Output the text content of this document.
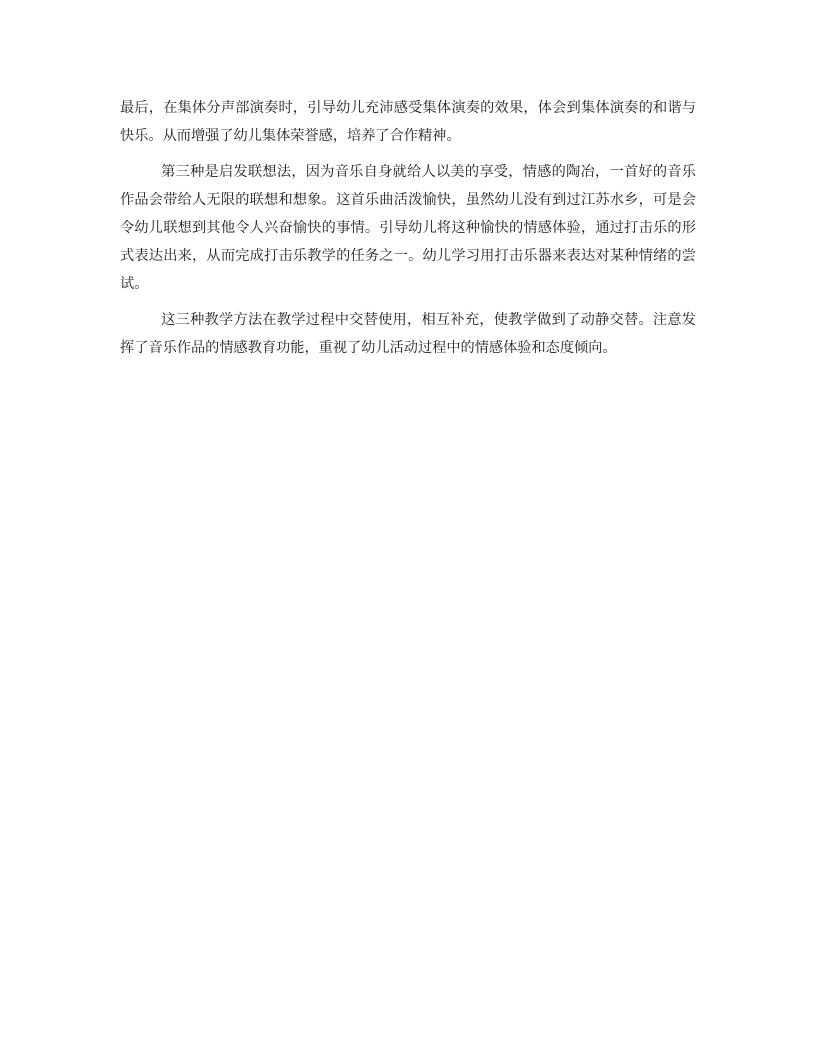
最后，在集体分声部演奏时，引导幼儿充沛感受集体演奏的效果，体会到集体演奏的和谐与快乐。从而增强了幼儿集体荣誉感，培养了合作精神。

第三种是启发联想法，因为音乐自身就给人以美的享受，情感的陶冶，一首好的音乐作品会带给人无限的联想和想象。这首乐曲活泼愉快，虽然幼儿没有到过江苏水乡，可是会令幼儿联想到其他令人兴奋愉快的事情。引导幼儿将这种愉快的情感体验，通过打击乐的形式表达出来，从而完成打击乐教学的任务之一。幼儿学习用打击乐器来表达对某种情绪的尝试。

这三种教学方法在教学过程中交替使用，相互补充，使教学做到了动静交替。注意发挥了音乐作品的情感教育功能，重视了幼儿活动过程中的情感体验和态度倾向。
